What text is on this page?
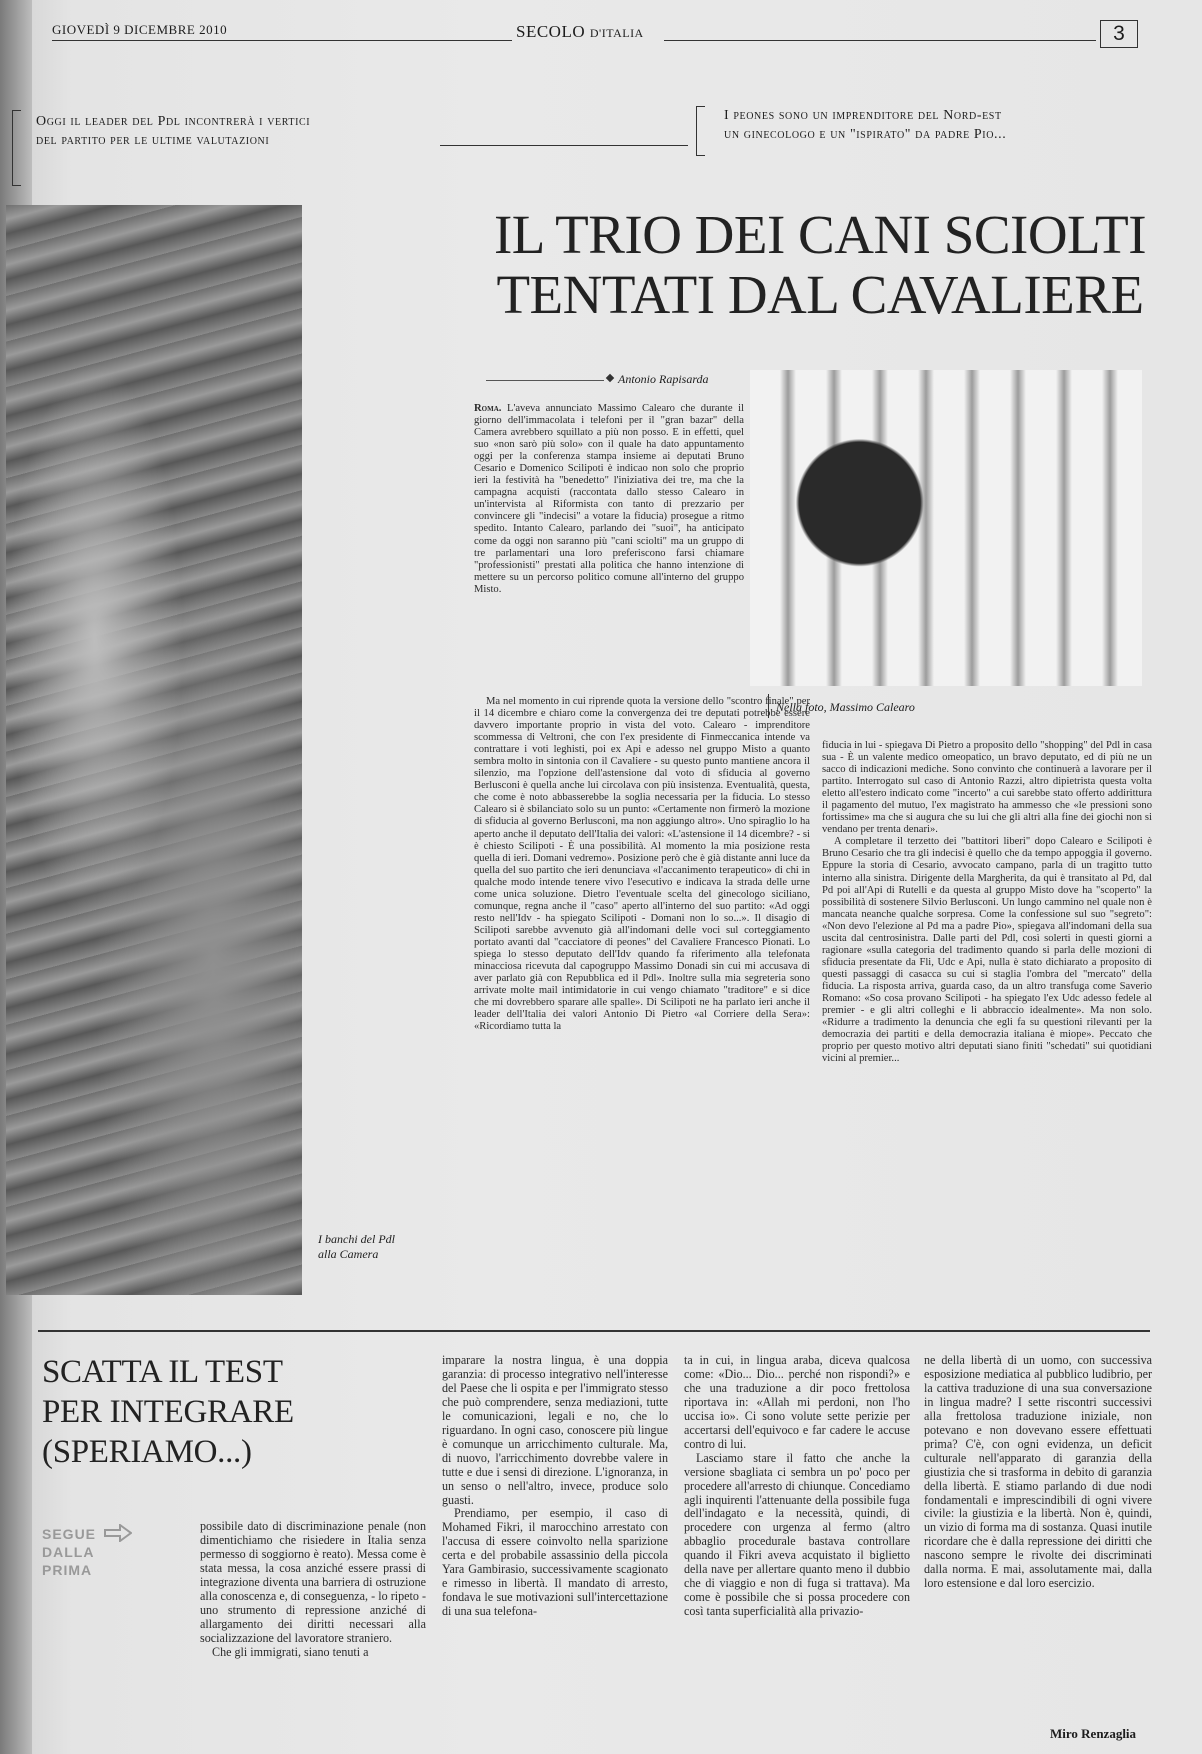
GIOVEDÌ 9 DICEMBRE 2010	SECOLO D'ITALIA	3
Oggi il leader del Pdl incontrerà i vertici
del partito per le ultime valutazioni
I peones sono un imprenditore del Nord-est
un ginecologo e un "ispirato" da padre Pio...
I banchi del Pdl
alla Camera
IL TRIO DEI CANI SCIOLTI
TENTATI DAL CAVALIERE
Antonio Rapisarda
Nella foto, Massimo Calearo

Roma. L'aveva annunciato Massimo Calearo che durante il giorno dell'immacolata i telefoni per il "gran bazar" della Camera avrebbero squillato a più non posso. E in effetti, quel suo «non sarò più solo» con il quale ha dato appuntamento oggi per la conferenza stampa insieme ai deputati Bruno Cesario e Domenico Scilipoti è indicao non solo che proprio ieri la festività ha "benedetto" l'iniziativa dei tre, ma che la campagna acquisti (raccontata dallo stesso Calearo in un'intervista al Riformista con tanto di prezzario per convincere gli "indecisi" a votare la fiducia) prosegue a ritmo spedito. Intanto Calearo, parlando dei "suoi", ha anticipato come da oggi non saranno più "cani sciolti" ma un gruppo di tre parlamentari una loro preferiscono farsi chiamare "professionisti" prestati alla politica che hanno intenzione di mettere su un percorso politico comune all'interno del gruppo Misto.

Ma nel momento in cui riprende quota la versione dello "scontro finale" per il 14 dicembre e chiaro come la convergenza dei tre deputati potrebbe essere davvero importante proprio in vista del voto. Calearo - imprenditore scommessa di Veltroni, che con l'ex presidente di Finmeccanica intende va contrattare i voti leghisti, poi ex Api e adesso nel gruppo Misto a quanto sembra molto in sintonia con il Cavaliere - su questo punto mantiene ancora il silenzio, ma l'opzione dell'astensione dal voto di sfiducia al governo Berlusconi è quella anche lui circolava con più insistenza. Eventualità, questa, che come è noto abbasserebbe la soglia necessaria per la fiducia. Lo stesso Calearo si è sbilanciato solo su un punto: «Certamente non firmerò la mozione di sfiducia al governo Berlusconi, ma non aggiungo altro». Uno spiraglio lo ha aperto anche il deputato dell'Italia dei valori: «L'astensione il 14 dicembre? - si è chiesto Scilipoti - È una possibilità. Al momento la mia posizione resta quella di ieri. Domani vedremo». Posizione però che è già distante anni luce da quella del suo partito che ieri denunciava «l'accanimento terapeutico» di chi in qualche modo intende tenere vivo l'esecutivo e indicava la strada delle urne come unica soluzione. Dietro l'eventuale scelta del ginecologo siciliano, comunque, regna anche il "caso" aperto all'interno del suo partito: «Ad oggi resto nell'Idv - ha spiegato Scilipoti - Domani non lo so...». Il disagio di Scilipoti sarebbe avvenuto già all'indomani delle voci sul corteggiamento portato avanti dal "cacciatore di peones" del Cavaliere Francesco Pionati. Lo spiega lo stesso deputato dell'Idv quando fa riferimento alla telefonata minacciosa ricevuta dal capogruppo Massimo Donadi sin cui mi accusava di aver parlato già con Repubblica ed il Pdl». Inoltre sulla mia segreteria sono arrivate molte mail intimidatorie in cui vengo chiamato "traditore" e si dice che mi dovrebbero sparare alle spalle». Di Scilipoti ne ha parlato ieri anche il leader dell'Italia dei valori Antonio Di Pietro «al Corriere della Sera»: «Ricordiamo tutta la

fiducia in lui - spiegava Di Pietro a proposito dello "shopping" del Pdl in casa sua - È un valente medico omeopatico, un bravo deputato, ed di più ne un sacco di indicazioni mediche. Sono convinto che continuerà a lavorare per il partito. Interrogato sul caso di Antonio Razzi, altro dipietrista questa volta eletto all'estero indicato come "incerto" a cui sarebbe stato offerto addirittura il pagamento del mutuo, l'ex magistrato ha ammesso che «le pressioni sono fortissime» ma che si augura che su lui che gli altri alla fine dei giochi non si vendano per trenta denari».

A completare il terzetto dei "battitori liberi" dopo Calearo e Scilipoti è Bruno Cesario che tra gli indecisi è quello che da tempo appoggia il governo. Eppure la storia di Cesario, avvocato campano, parla di un tragitto tutto interno alla sinistra. Dirigente della Margherita, da qui è transitato al Pd, dal Pd poi all'Api di Rutelli e da questa al gruppo Misto dove ha "scoperto" la possibilità di sostenere Silvio Berlusconi. Un lungo cammino nel quale non è mancata neanche qualche sorpresa. Come la confessione sul suo "segreto": «Non devo l'elezione al Pd ma a padre Pio», spiegava all'indomani della sua uscita dal centrosinistra. Dalle parti del Pdl, così solerti in questi giorni a ragionare «sulla categoria del tradimento quando si parla delle mozioni di sfiducia presentate da Fli, Udc e Api, nulla è stato dichiarato a proposito di questi passaggi di casacca su cui si staglia l'ombra del "mercato" della fiducia. La risposta arriva, guarda caso, da un altro transfuga come Saverio Romano: «So cosa provano Scilipoti - ha spiegato l'ex Udc adesso fedele al premier - e gli altri colleghi e li abbraccio idealmente». Ma non solo. «Ridurre a tradimento la denuncia che egli fa su questioni rilevanti per la democrazia dei partiti e della democrazia italiana è miope». Peccato che proprio per questo motivo altri deputati siano finiti "schedati" sui quotidiani vicini al premier...

SCATTA IL TEST
PER INTEGRARE
(SPERIAMO...)
SEGUE
DALLA
PRIMA

possibile dato di discriminazione penale (non dimentichiamo che risiedere in Italia senza permesso di soggiorno è reato). Messa come è stata messa, la cosa anziché essere prassi di integrazione diventa una barriera di ostruzione alla conoscenza e, di conseguenza, - lo ripeto - uno strumento di repressione anziché di allargamento dei diritti necessari alla socializzazione del lavoratore straniero.

Che gli immigrati, siano tenuti a

imparare la nostra lingua, è una doppia garanzia: di processo integrativo nell'interesse del Paese che li ospita e per l'immigrato stesso che può comprendere, senza mediazioni, tutte le comunicazioni, legali e no, che lo riguardano. In ogni caso, conoscere più lingue è comunque un arricchimento culturale. Ma, di nuovo, l'arricchimento dovrebbe valere in tutte e due i sensi di direzione. L'ignoranza, in un senso o nell'altro, invece, produce solo guasti.

Prendiamo, per esempio, il caso di Mohamed Fikri, il marocchino arrestato con l'accusa di essere coinvolto nella sparizione certa e del probabile assassinio della piccola Yara Gambirasio, successivamente scagionato e rimesso in libertà. Il mandato di arresto, fondava le sue motivazioni sull'intercettazione di una sua telefona-

ta in cui, in lingua araba, diceva qualcosa come: «Dio... Dio... perché non rispondi?» e che una traduzione a dir poco frettolosa riportava in: «Allah mi perdoni, non l'ho uccisa io». Ci sono volute sette perizie per accertarsi dell'equivoco e far cadere le accuse contro di lui.

Lasciamo stare il fatto che anche la versione sbagliata ci sembra un po' poco per procedere all'arresto di chiunque. Concediamo agli inquirenti l'attenuante della possibile fuga dell'indagato e la necessità, quindi, di procedere con urgenza al fermo (altro abbaglio procedurale bastava controllare quando il Fikri aveva acquistato il biglietto della nave per allertare quanto meno il dubbio che di viaggio e non di fuga si trattava). Ma come è possibile che si possa procedere con così tanta superficialità alla privazio-

ne della libertà di un uomo, con successiva esposizione mediatica al pubblico ludibrio, per la cattiva traduzione di una sua conversazione in lingua madre? I sette riscontri successivi alla frettolosa traduzione iniziale, non potevano e non dovevano essere effettuati prima? C'è, con ogni evidenza, un deficit culturale nell'apparato di garanzia della giustizia che si trasforma in debito di garanzia della libertà. E stiamo parlando di due nodi fondamentali e imprescindibili di ogni vivere civile: la giustizia e la libertà. Non è, quindi, un vizio di forma ma di sostanza. Quasi inutile ricordare che è dalla repressione dei diritti che nascono sempre le rivolte dei discriminati dalla norma. E mai, assolutamente mai, dalla loro estensione e dal loro esercizio.

Miro Renzaglia
